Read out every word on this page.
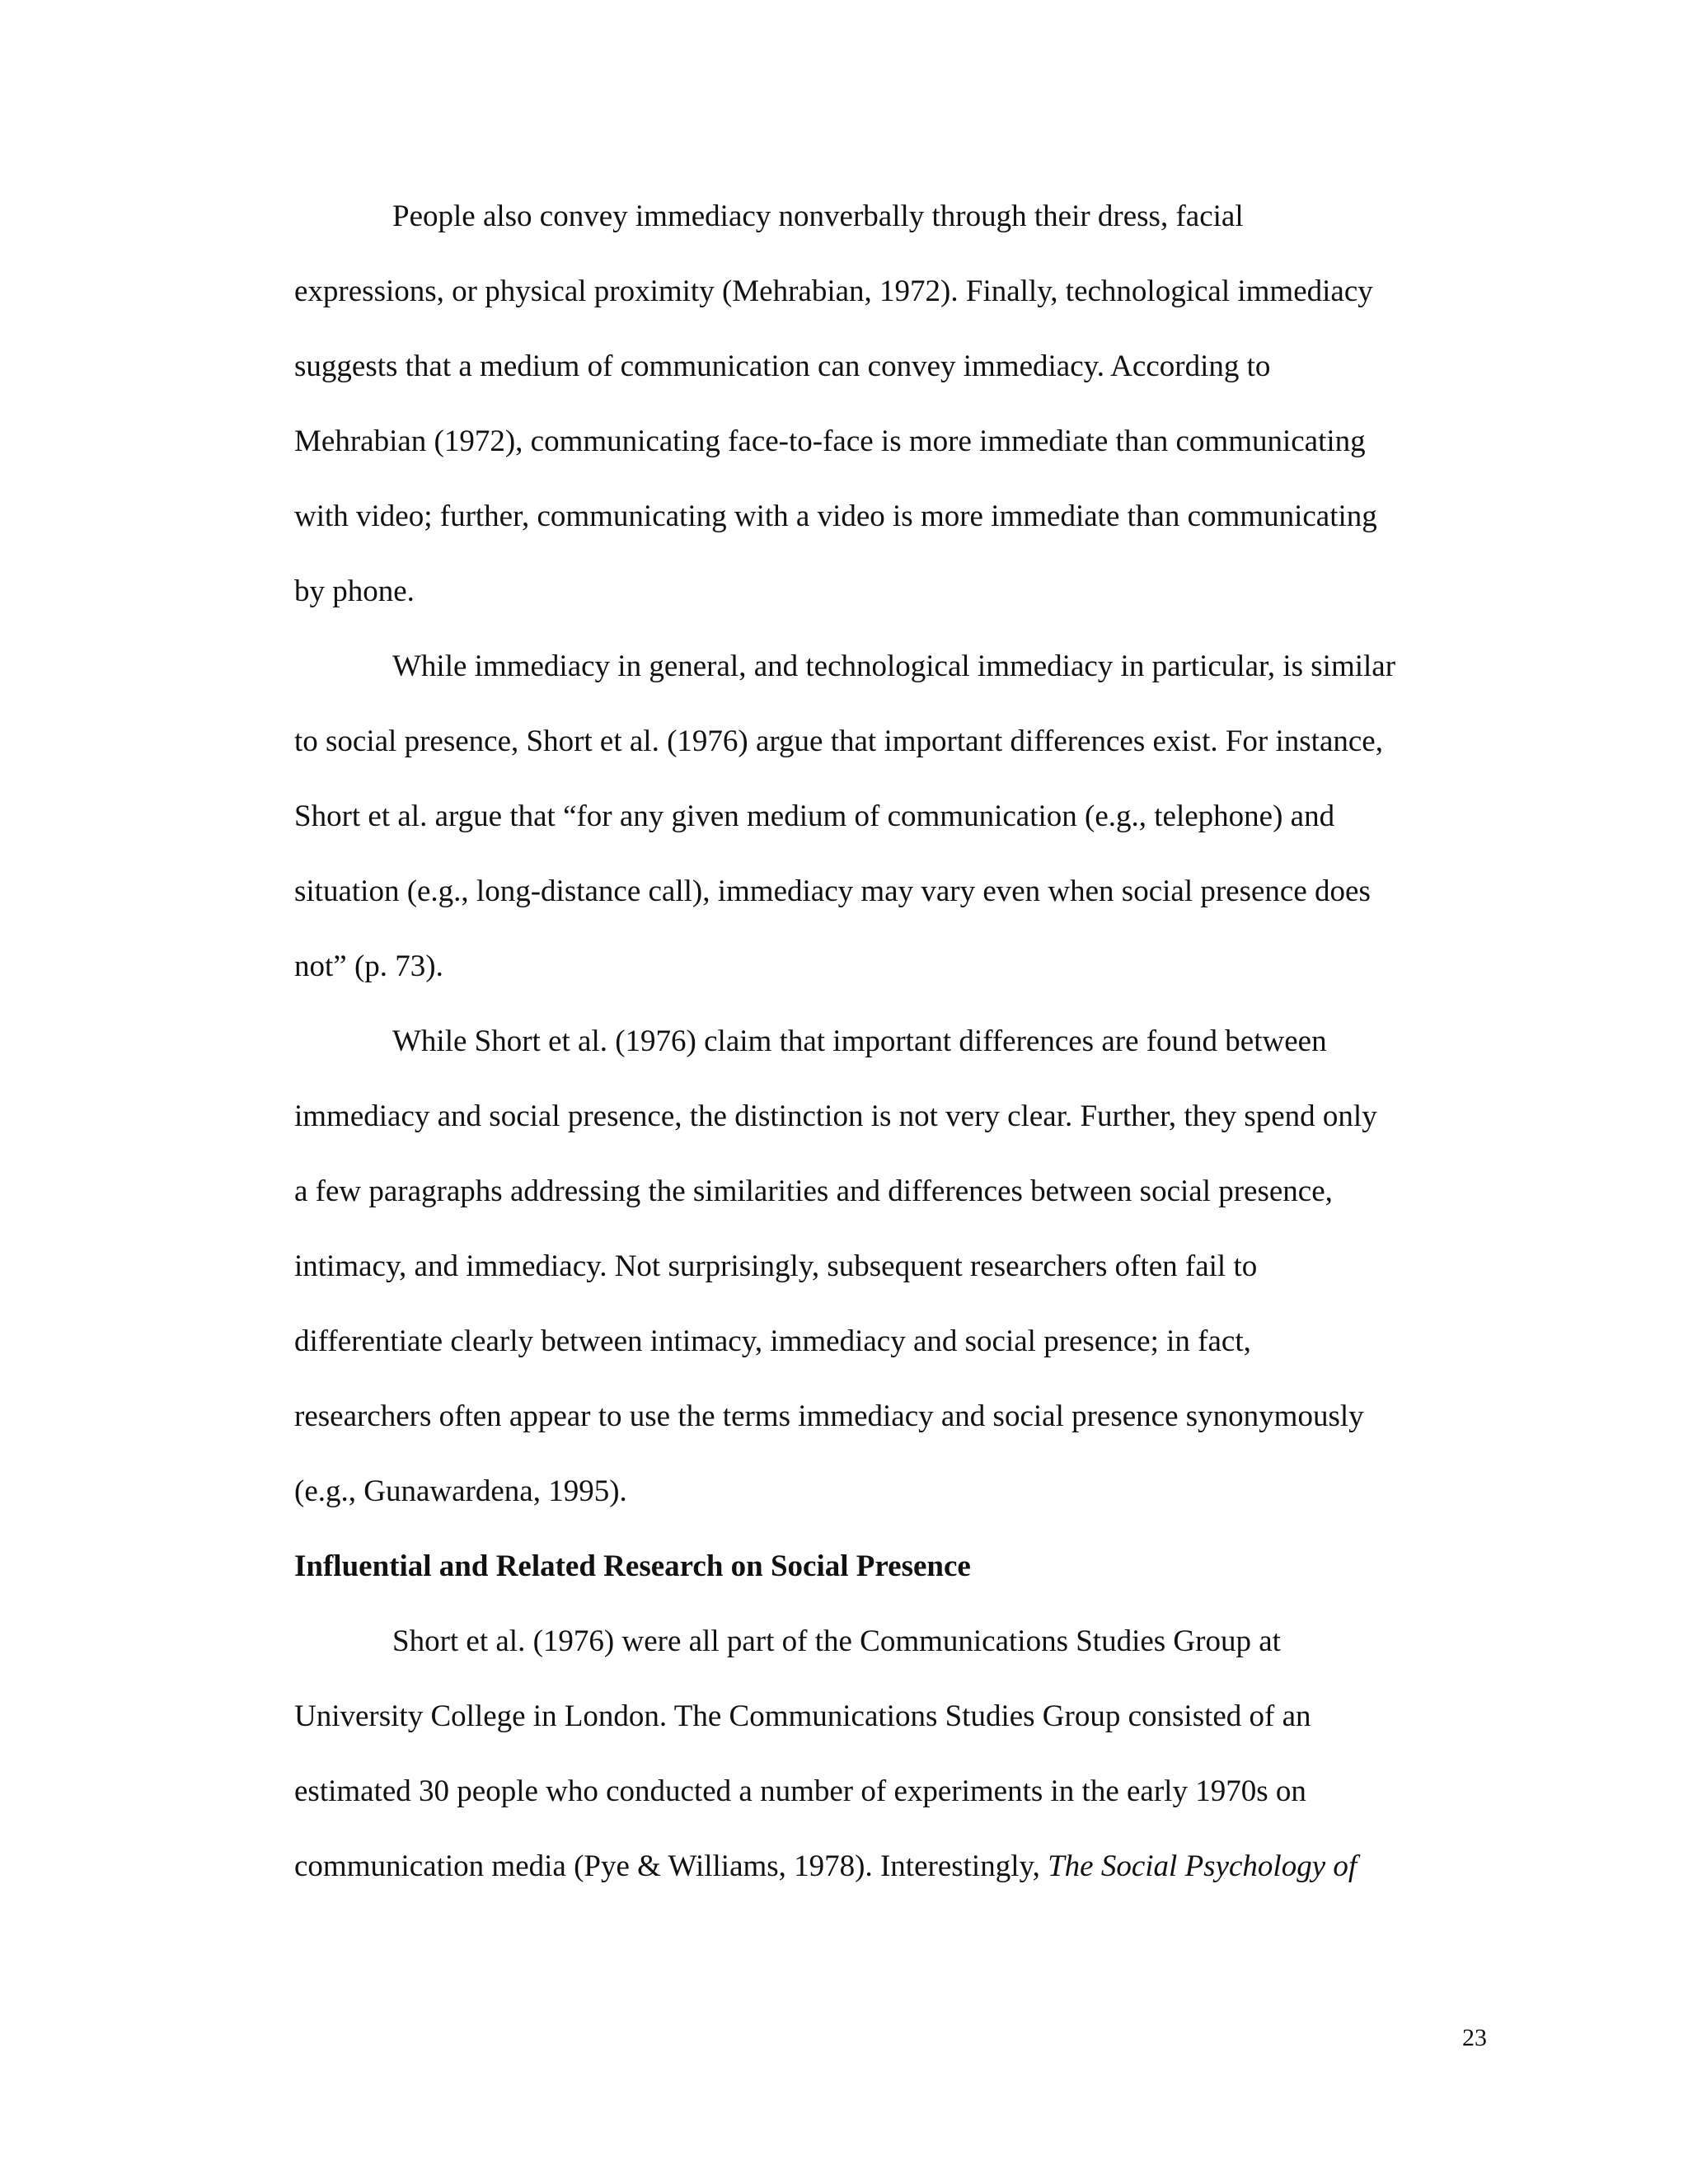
People also convey immediacy nonverbally through their dress, facial

expressions, or physical proximity (Mehrabian, 1972). Finally, technological immediacy

suggests that a medium of communication can convey immediacy. According to

Mehrabian (1972), communicating face-to-face is more immediate than communicating

with video; further, communicating with a video is more immediate than communicating

by phone.

While immediacy in general, and technological immediacy in particular, is similar

to social presence, Short et al. (1976) argue that important differences exist. For instance,

Short et al. argue that “for any given medium of communication (e.g., telephone) and

situation (e.g., long-distance call), immediacy may vary even when social presence does

not” (p. 73).

While Short et al. (1976) claim that important differences are found between

immediacy and social presence, the distinction is not very clear. Further, they spend only

a few paragraphs addressing the similarities and differences between social presence,

intimacy, and immediacy. Not surprisingly, subsequent researchers often fail to

differentiate clearly between intimacy, immediacy and social presence; in fact,

researchers often appear to use the terms immediacy and social presence synonymously

(e.g., Gunawardena, 1995).

Influential and Related Research on Social Presence

Short et al. (1976) were all part of the Communications Studies Group at

University College in London. The Communications Studies Group consisted of an

estimated 30 people who conducted a number of experiments in the early 1970s on

communication media (Pye & Williams, 1978). Interestingly, The Social Psychology of

23
